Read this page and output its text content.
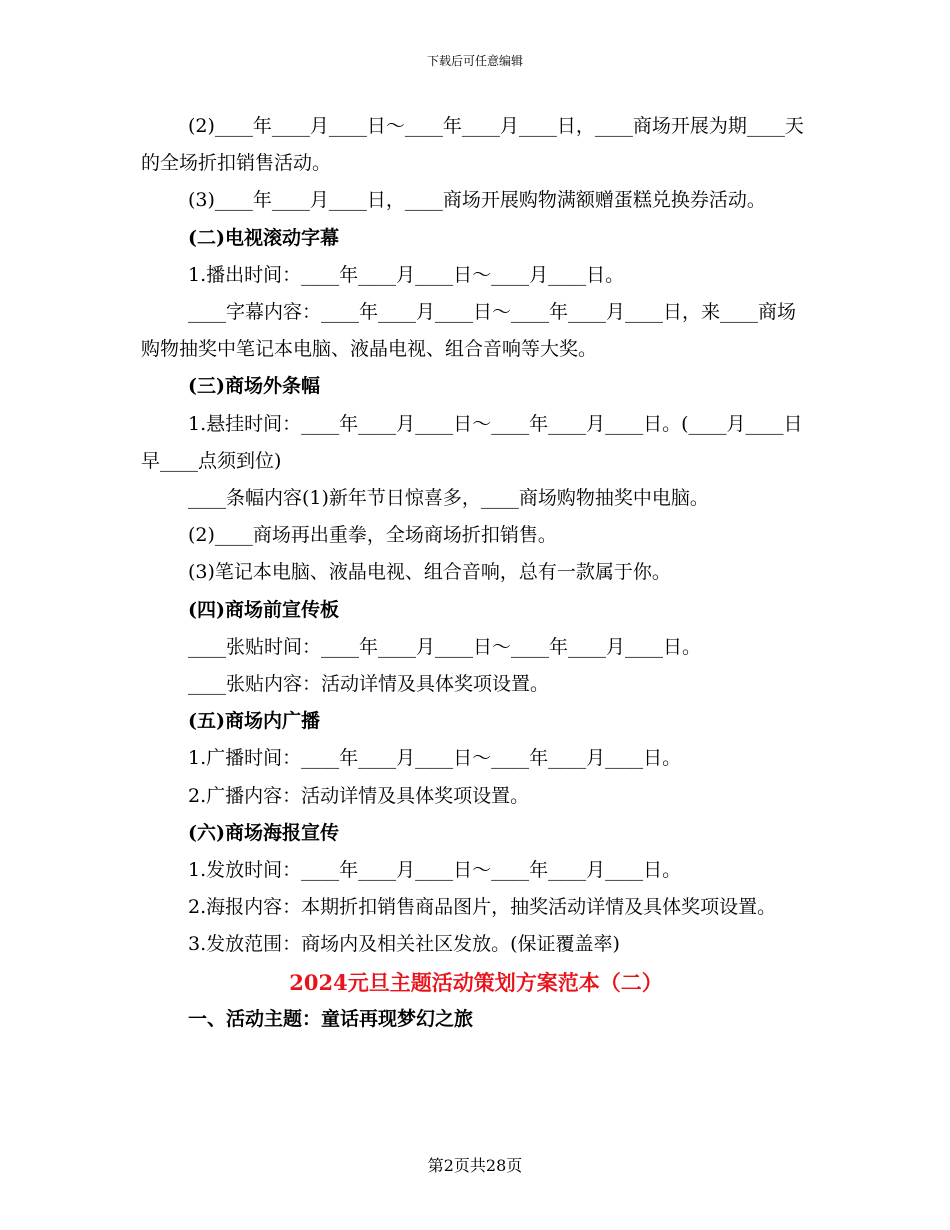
下载后可任意编辑

(2)____年____月____日～____年____月____日，____商场开展为期____天的全场折扣销售活动。

(3)____年____月____日，____商场开展购物满额赠蛋糕兑换券活动。

(二)电视滚动字幕

1.播出时间：____年____月____日～____月____日。

____字幕内容：____年____月____日～____年____月____日，来____商场购物抽奖中笔记本电脑、液晶电视、组合音响等大奖。

(三)商场外条幅

1.悬挂时间：____年____月____日～____年____月____日。(____月____日早____点须到位)

____条幅内容(1)新年节日惊喜多，____商场购物抽奖中电脑。

(2)____商场再出重拳，全场商场折扣销售。

(3)笔记本电脑、液晶电视、组合音响，总有一款属于你。

(四)商场前宣传板

____张贴时间：____年____月____日～____年____月____日。

____张贴内容：活动详情及具体奖项设置。

(五)商场内广播

1.广播时间：____年____月____日～____年____月____日。

2.广播内容：活动详情及具体奖项设置。

(六)商场海报宣传

1.发放时间：____年____月____日～____年____月____日。

2.海报内容：本期折扣销售商品图片，抽奖活动详情及具体奖项设置。

3.发放范围：商场内及相关社区发放。(保证覆盖率)

2024元旦主题活动策划方案范本（二）

一、活动主题：童话再现梦幻之旅

第2页共28页
